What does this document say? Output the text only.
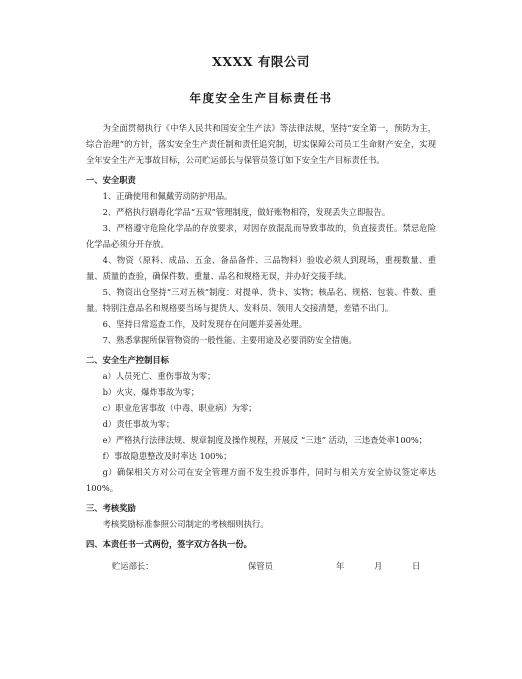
XXXX 有限公司
年度安全生产目标责任书

为全面贯彻执行《中华人民共和国安全生产法》等法律法规，坚持“安全第一，预防为主，综合治理”的方针，落实安全生产责任制和责任追究制，切实保障公司员工生命财产安全，实现全年安全生产无事故目标，公司贮运部长与保管员签订如下安全生产目标责任书。

一、安全职责

1、正确使用和佩戴劳动防护用品。

2、严格执行剧毒化学品“五双”管理制度，做好账物相符，发现丢失立即报告。

3、严格遵守危险化学品的存放要求，对因存放混乱而导致事故的，负直接责任。禁忌危险化学品必须分开存放。

4、物资（原料、成品、五金、备品备件、三品物料）验收必须人到现场，重视数量、重量、质量的查验，确保件数、重量、品名和规格无误，并办好交接手续。

5、物资出仓坚持“三对五核”制度：对提单、货卡、实物；核品名、规格、包装、件数、重量。特别注意品名和规格要当场与提货人、发料员、领用人交接清楚，差错不出门。

6、坚持日常巡查工作，及时发现存在问题并妥善处理。

7、熟悉掌握所保管物资的一般性能、主要用途及必要消防安全措施。

二、安全生产控制目标

a）人员死亡、重伤事故为零；

b）火灾、爆炸事故为零；

c）职业危害事故（中毒、职业病）为零；

d）责任事故为零；

e）严格执行法律法规、规章制度及操作规程，开展反 “三违” 活动，三违查处率100%；

f）事故隐患整改及时率达 100%；

g）确保相关方对公司在安全管理方面不发生投诉事件，同时与相关方安全协议签定率达 100%。

三、考核奖励

考核奖励标准参照公司制定的考核细则执行。

四、本责任书一式两份，签字双方各执一份。

贮运部长：	保管员	年	月	日
